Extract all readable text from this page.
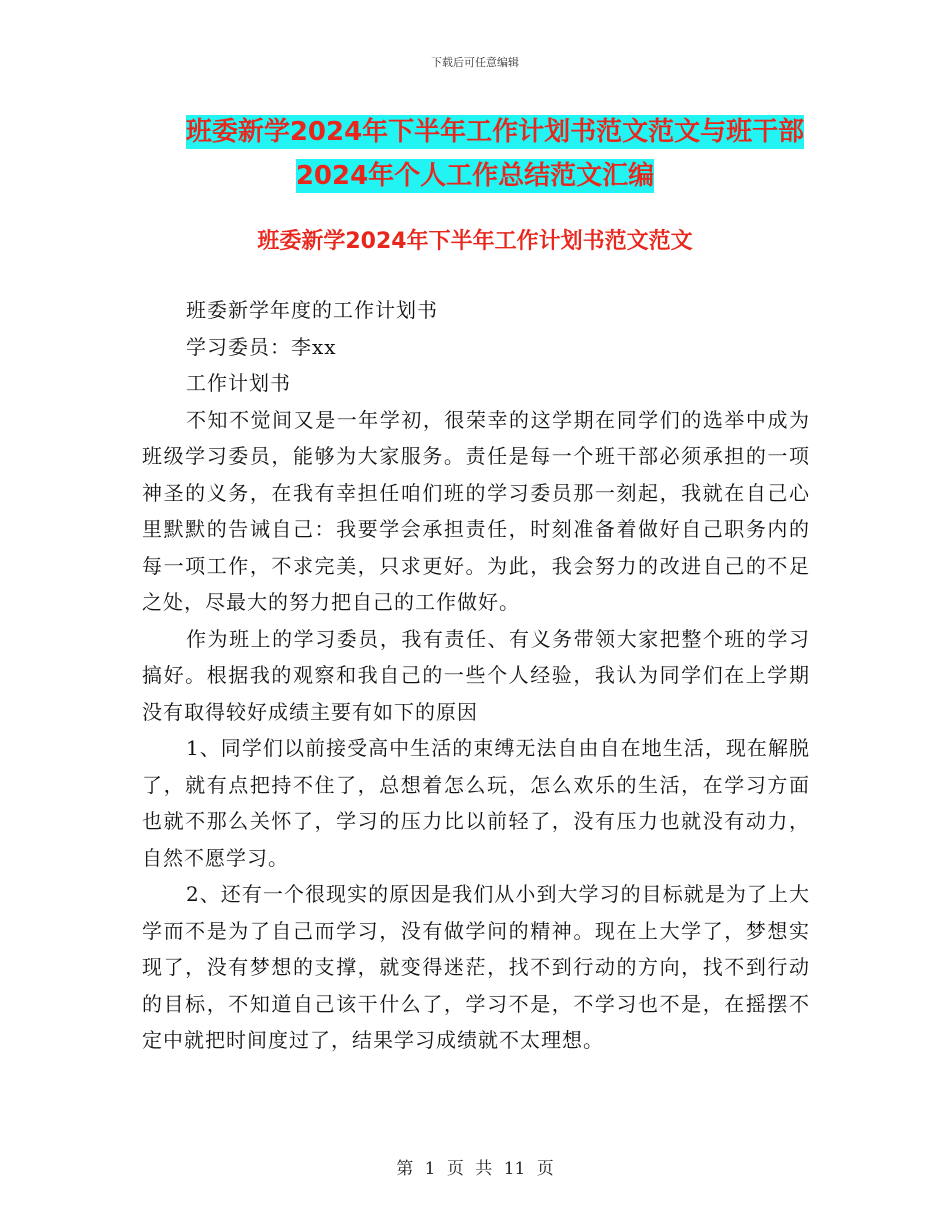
下载后可任意编辑
班委新学2024年下半年工作计划书范文范文与班干部
2024年个人工作总结范文汇编
班委新学2024年下半年工作计划书范文范文

班委新学年度的工作计划书

学习委员：李xx

工作计划书

不知不觉间又是一年学初，很荣幸的这学期在同学们的选举中成为班级学习委员，能够为大家服务。责任是每一个班干部必须承担的一项神圣的义务，在我有幸担任咱们班的学习委员那一刻起，我就在自己心里默默的告诫自己：我要学会承担责任，时刻准备着做好自己职务内的每一项工作，不求完美，只求更好。为此，我会努力的改进自己的不足之处，尽最大的努力把自己的工作做好。

作为班上的学习委员，我有责任、有义务带领大家把整个班的学习搞好。根据我的观察和我自己的一些个人经验，我认为同学们在上学期没有取得较好成绩主要有如下的原因

1、同学们以前接受高中生活的束缚无法自由自在地生活，现在解脱了，就有点把持不住了，总想着怎么玩，怎么欢乐的生活，在学习方面也就不那么关怀了，学习的压力比以前轻了，没有压力也就没有动力，自然不愿学习。

2、还有一个很现实的原因是我们从小到大学习的目标就是为了上大学而不是为了自己而学习，没有做学问的精神。现在上大学了，梦想实现了，没有梦想的支撑，就变得迷茫，找不到行动的方向，找不到行动的目标，不知道自己该干什么了，学习不是，不学习也不是，在摇摆不定中就把时间度过了，结果学习成绩就不太理想。

第 1 页 共 11 页
